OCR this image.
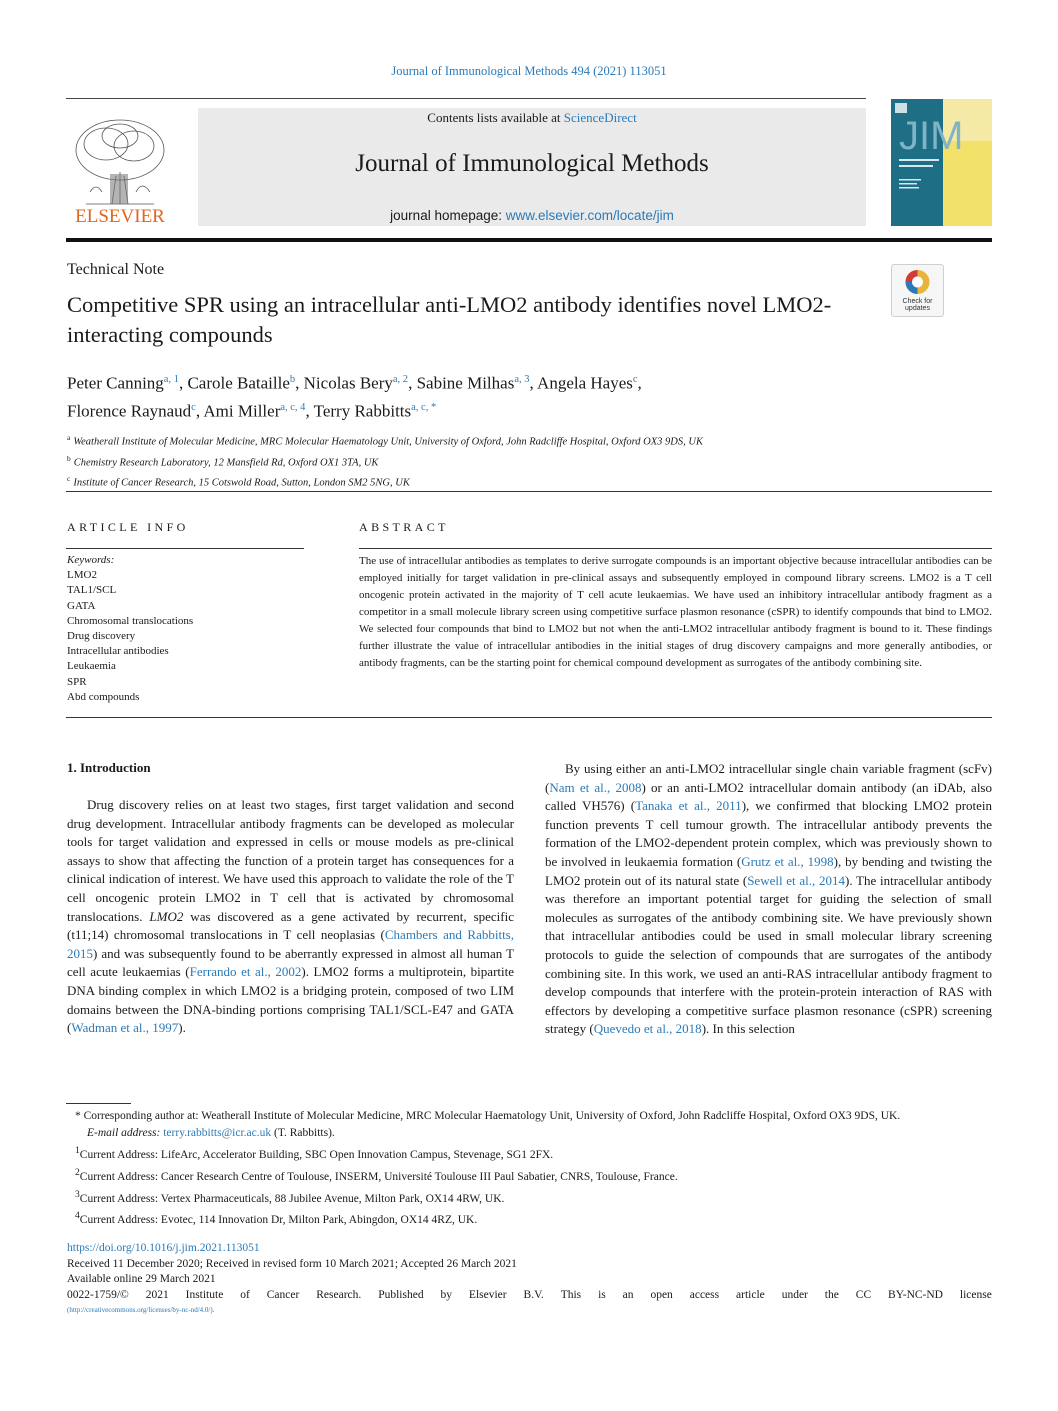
Journal of Immunological Methods 494 (2021) 113051
ELSEVIER
Contents lists available at ScienceDirect
Journal of Immunological Methods
journal homepage: www.elsevier.com/locate/jim
JIM
Technical Note
Check for
updates
Competitive SPR using an intracellular anti-LMO2 antibody identifies novel LMO2-interacting compounds
Peter Canning$^{a, 1}$, Carole Bataille$^b$, Nicolas Bery$^{a, 2}$, Sabine Milhas$^{a, 3}$, Angela Hayes$^c$,
Florence Raynaud$^c$, Ami Miller$^{a, c, 4}$, Terry Rabbitts$^{a, c, *}$
$^a$ Weatherall Institute of Molecular Medicine, MRC Molecular Haematology Unit, University of Oxford, John Radcliffe Hospital, Oxford OX3 9DS, UK
$^b$ Chemistry Research Laboratory, 12 Mansfield Rd, Oxford OX1 3TA, UK
$^c$ Institute of Cancer Research, 15 Cotswold Road, Sutton, London SM2 5NG, UK
ARTICLE INFO	ABSTRACT
Keywords:
LMO2
TAL1/SCL
GATA
Chromosomal translocations
Drug discovery
Intracellular antibodies
Leukaemia
SPR
Abd compounds
The use of intracellular antibodies as templates to derive surrogate compounds is an important objective because intracellular antibodies can be employed initially for target validation in pre-clinical assays and subsequently employed in compound library screens. LMO2 is a T cell oncogenic protein activated in the majority of T cell acute leukaemias. We have used an inhibitory intracellular antibody fragment as a competitor in a small molecule library screen using competitive surface plasmon resonance (cSPR) to identify compounds that bind to LMO2. We selected four compounds that bind to LMO2 but not when the anti-LMO2 intracellular antibody fragment is bound to it. These findings further illustrate the value of intracellular antibodies in the initial stages of drug discovery campaigns and more generally antibodies, or antibody fragments, can be the starting point for chemical compound development as surrogates of the antibody combining site.
1. Introduction
Drug discovery relies on at least two stages, first target validation and second drug development. Intracellular antibody fragments can be developed as molecular tools for target validation and expressed in cells or mouse models as pre-clinical assays to show that affecting the function of a protein target has consequences for a clinical indication of interest. We have used this approach to validate the role of the T cell oncogenic protein LMO2 in T cell that is activated by chromosomal translocations. LMO2 was discovered as a gene activated by recurrent, specific (t11;14) chromosomal translocations in T cell neoplasias (Chambers and Rabbitts, 2015) and was subsequently found to be aberrantly expressed in almost all human T cell acute leukaemias (Ferrando et al., 2002). LMO2 forms a multiprotein, bipartite DNA binding complex in which LMO2 is a bridging protein, composed of two LIM domains between the DNA-binding portions comprising TAL1/SCL-E47 and GATA (Wadman et al., 1997).
By using either an anti-LMO2 intracellular single chain variable fragment (scFv) (Nam et al., 2008) or an anti-LMO2 intracellular domain antibody (an iDAb, also called VH576) (Tanaka et al., 2011), we confirmed that blocking LMO2 protein function prevents T cell tumour growth. The intracellular antibody prevents the formation of the LMO2-dependent protein complex, which was previously shown to be involved in leukaemia formation (Grutz et al., 1998), by bending and twisting the LMO2 protein out of its natural state (Sewell et al., 2014). The intracellular antibody was therefore an important potential target for guiding the selection of small molecules as surrogates of the antibody combining site. We have previously shown that intracellular antibodies could be used in small molecular library screening protocols to guide the selection of compounds that are surrogates of the antibody combining site. In this work, we used an anti-RAS intracellular antibody fragment to develop compounds that interfere with the protein-protein interaction of RAS with effectors by developing a competitive surface plasmon resonance (cSPR) screening strategy (Quevedo et al., 2018). In this selection
* Corresponding author at: Weatherall Institute of Molecular Medicine, MRC Molecular Haematology Unit, University of Oxford, John Radcliffe Hospital, Oxford OX3 9DS, UK.
E-mail address: terry.rabbitts@icr.ac.uk (T. Rabbitts).
$^1$Current Address: LifeArc, Accelerator Building, SBC Open Innovation Campus, Stevenage, SG1 2FX.
$^2$Current Address: Cancer Research Centre of Toulouse, INSERM, Université Toulouse III Paul Sabatier, CNRS, Toulouse, France.
$^3$Current Address: Vertex Pharmaceuticals, 88 Jubilee Avenue, Milton Park, OX14 4RW, UK.
$^4$Current Address: Evotec, 114 Innovation Dr, Milton Park, Abingdon, OX14 4RZ, UK.
https://doi.org/10.1016/j.jim.2021.113051
Received 11 December 2020; Received in revised form 10 March 2021; Accepted 26 March 2021
Available online 29 March 2021
0022-1759/© 2021 Institute of Cancer Research. Published by Elsevier B.V. This is an open access article under the CC BY-NC-ND license
(http://creativecommons.org/licenses/by-nc-nd/4.0/).
